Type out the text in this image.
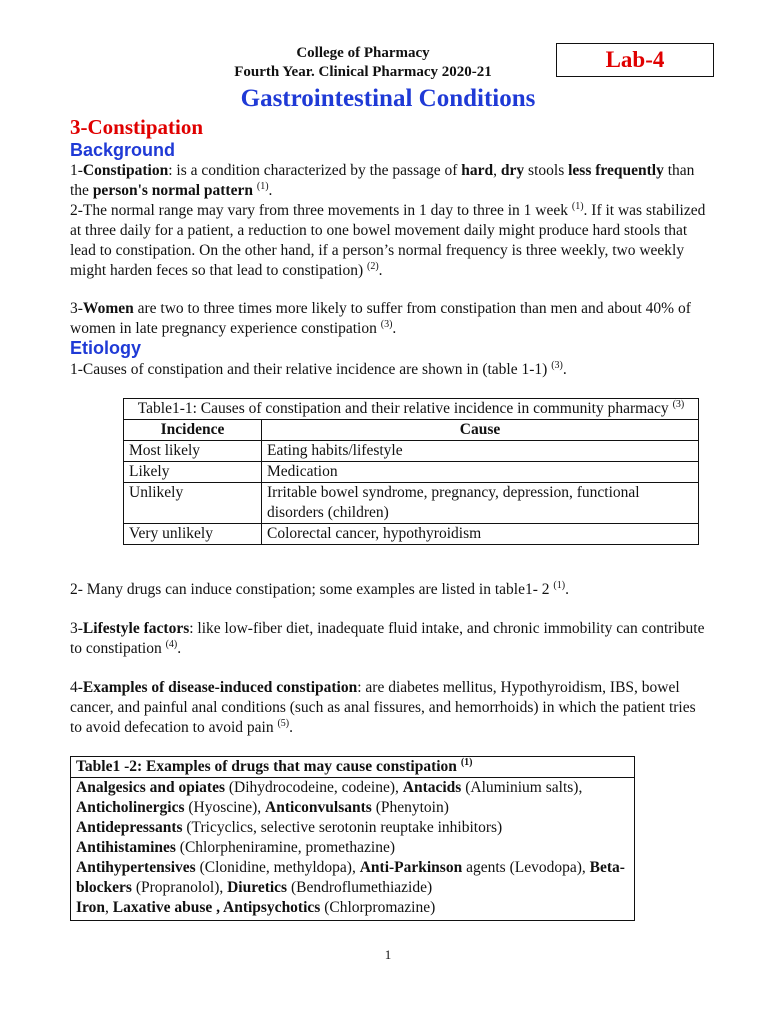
College of Pharmacy
Fourth Year. Clinical Pharmacy 2020-21	Lab-4
Gastrointestinal Conditions
3-Constipation
Background
1-Constipation: is a condition characterized by the passage of hard, dry stools less frequently than the person's normal pattern $^{(1)}$.
2-The normal range may vary from three movements in 1 day to three in 1 week $^{(1)}$. If it was stabilized at three daily for a patient, a reduction to one bowel movement daily might produce hard stools that lead to constipation. On the other hand, if a person’s normal frequency is three weekly, two weekly might harden feces so that lead to constipation) $^{(2)}$.
3-Women are two to three times more likely to suffer from constipation than men and about 40% of women in late pregnancy experience constipation $^{(3)}$.
Etiology
1-Causes of constipation and their relative incidence are shown in (table 1-1) $^{(3)}$.
Table1-1: Causes of constipation and their relative incidence in community pharmacy $^{(3)}$
Incidence	Cause
Most likely	Eating habits/lifestyle
Likely	Medication
Unlikely	Irritable bowel syndrome, pregnancy, depression, functional disorders (children)
Very unlikely	Colorectal cancer, hypothyroidism
2- Many drugs can induce constipation; some examples are listed in table1- 2 $^{(1)}$.
3-Lifestyle factors: like low-fiber diet, inadequate fluid intake, and chronic immobility can contribute to constipation $^{(4)}$.
4-Examples of disease-induced constipation: are diabetes mellitus, Hypothyroidism, IBS, bowel cancer, and painful anal conditions (such as anal fissures, and hemorrhoids) in which the patient tries to avoid defecation to avoid pain $^{(5)}$.
Table1 -2: Examples of drugs that may cause constipation $^{(1)}$
Analgesics and opiates (Dihydrocodeine, codeine), Antacids (Aluminium salts), Anticholinergics (Hyoscine), Anticonvulsants (Phenytoin)
Antidepressants (Tricyclics, selective serotonin reuptake inhibitors)
Antihistamines (Chlorpheniramine, promethazine)
Antihypertensives (Clonidine, methyldopa), Anti-Parkinson agents (Levodopa), Beta-blockers (Propranolol), Diuretics (Bendroflumethiazide)
Iron, Laxative abuse , Antipsychotics (Chlorpromazine)
1
